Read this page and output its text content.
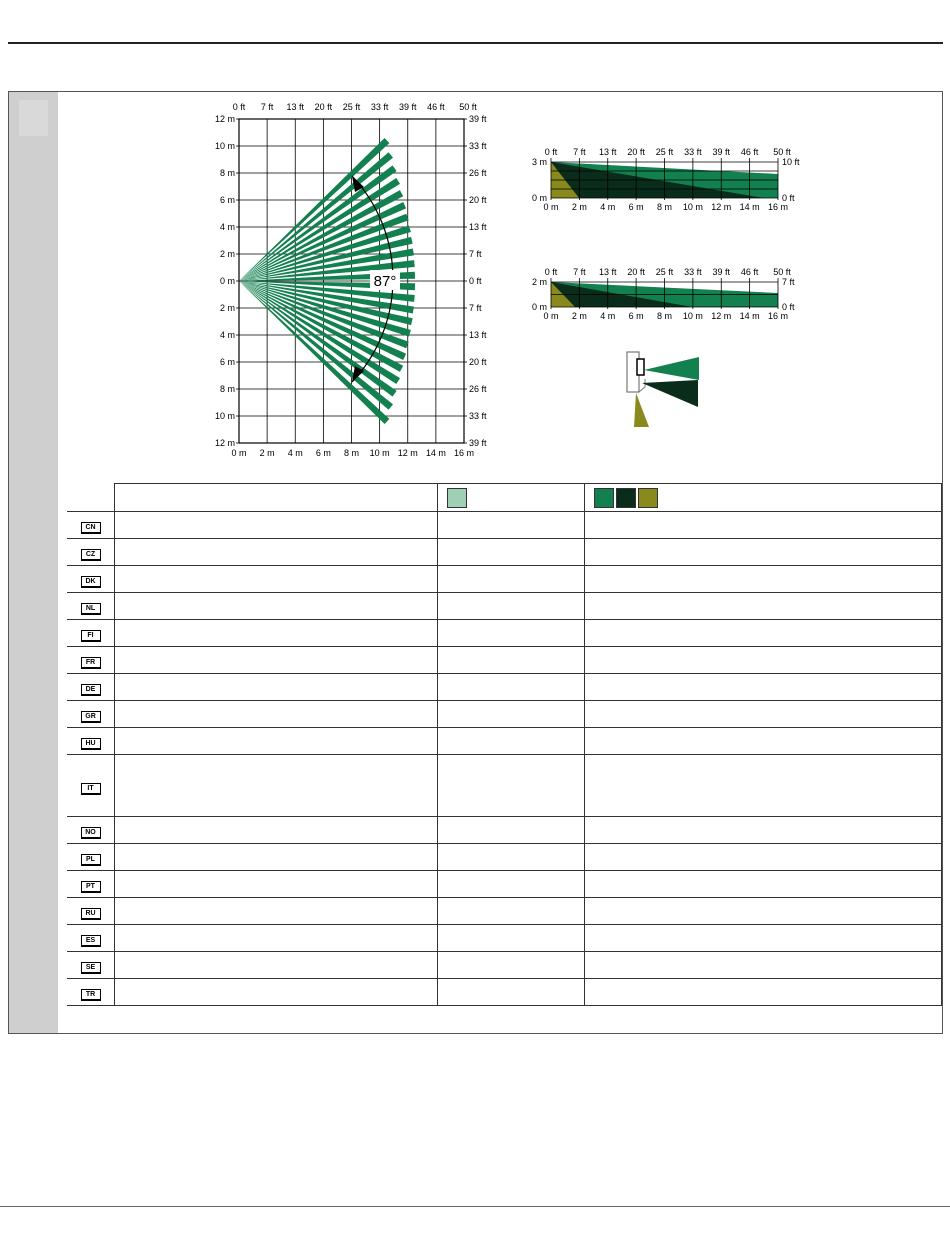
87°
0 ft 7 ft 13 ft 20 ft 25 ft 33 ft 39 ft 46 ft 50 ft
0 m 2 m 4 m 6 m 8 m 10 m 12 m 14 m 16 m
12 m
10 m
8 m
6 m
4 m
2 m
0 m
2 m
4 m
6 m
8 m
10 m
12 m
39 ft
33 ft
26 ft
20 ft
13 ft
7 ft
0 ft
7 ft
13 ft
20 ft
26 ft
33 ft
39 ft
0 ft 7 ft 13 ft 20 ft 25 ft 33 ft 39 ft 46 ft 50 ft
0 m 2 m 4 m 6 m 8 m 10 m 12 m 14 m 16 m
3 m
0 m
10 ft
0 ft
0 ft 7 ft 13 ft 20 ft 25 ft 33 ft 39 ft 46 ft 50 ft
0 m 2 m 4 m 6 m 8 m 10 m 12 m 14 m 16 m
2 m
0 m
7 ft
0 ft

CN			
CZ			
DK			
NL			
FI			
FR			
DE			
GR			
HU			
IT			
NO			
PL			
PT			
RU			
ES			
SE			
TR			
